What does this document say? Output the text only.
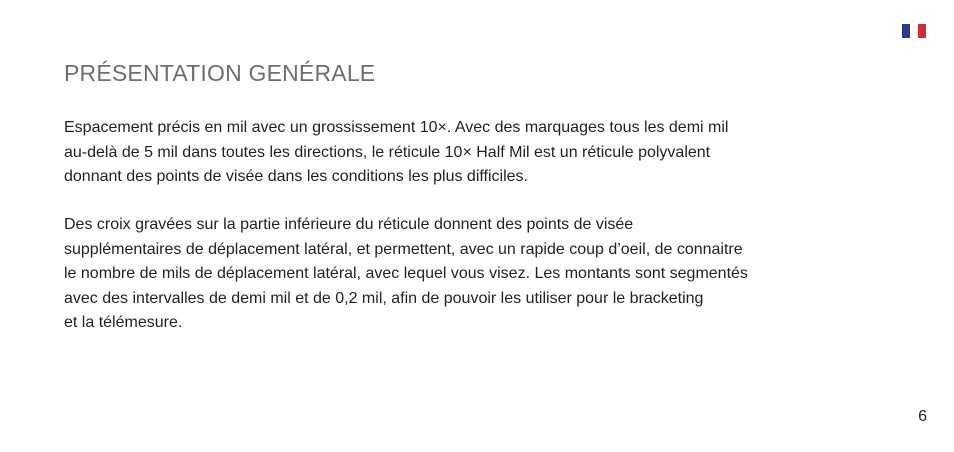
PRÉSENTATION GENÉRALE

Espacement précis en mil avec un grossissement 10×. Avec des marquages tous les demi mil
au-delà de 5 mil dans toutes les directions, le réticule 10× Half Mil est un réticule polyvalent
donnant des points de visée dans les conditions les plus difficiles.

Des croix gravées sur la partie inférieure du réticule donnent des points de visée
supplémentaires de déplacement latéral, et permettent, avec un rapide coup d’oeil, de connaitre
le nombre de mils de déplacement latéral, avec lequel vous visez. Les montants sont segmentés
avec des intervalles de demi mil et de 0,2 mil, afin de pouvoir les utiliser pour le bracketing
et la télémesure.

6
